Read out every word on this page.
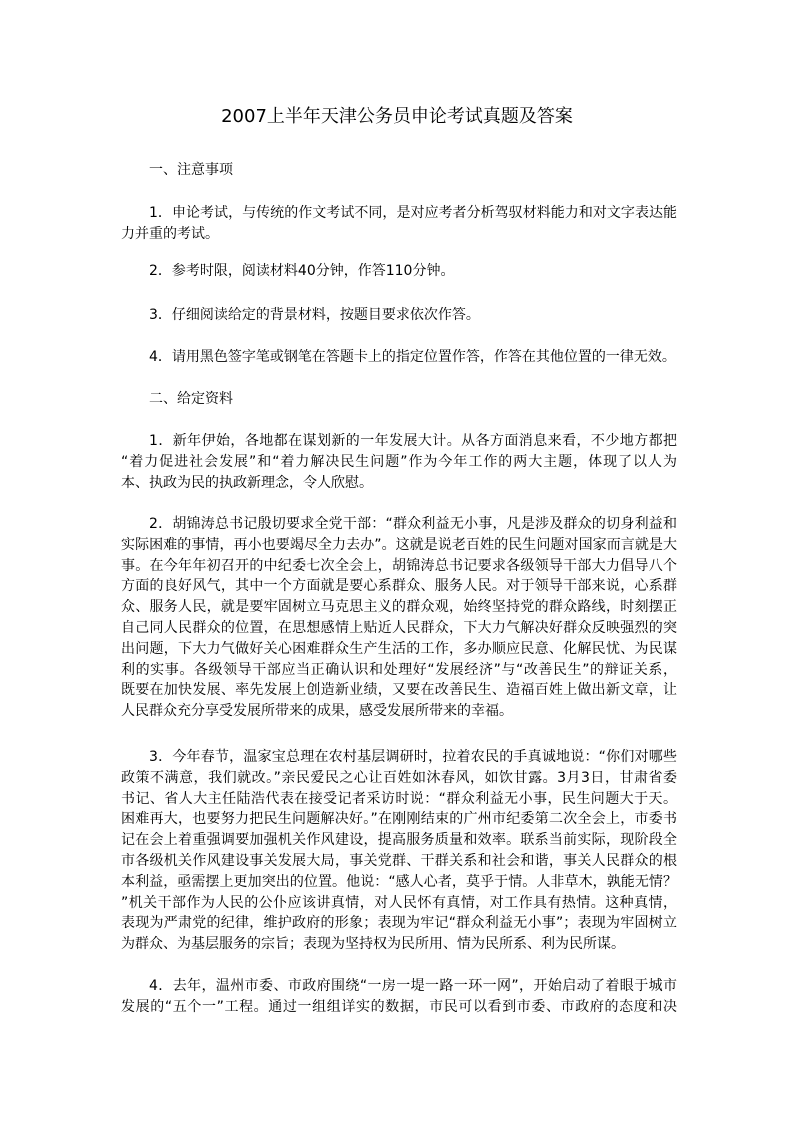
2007上半年天津公务员申论考试真题及答案
一、注意事项
1．申论考试，与传统的作文考试不同，是对应考者分析驾驭材料能力和对文字表达能
力并重的考试。
2．参考时限，阅读材料40分钟，作答110分钟。
3．仔细阅读给定的背景材料，按题目要求依次作答。
4．请用黑色签字笔或钢笔在答题卡上的指定位置作答，作答在其他位置的一律无效。
二、给定资料
1．新年伊始，各地都在谋划新的一年发展大计。从各方面消息来看，不少地方都把
“着力促进社会发展”和“着力解决民生问题”作为今年工作的两大主题，体现了以人为
本、执政为民的执政新理念，令人欣慰。
2．胡锦涛总书记殷切要求全党干部：“群众利益无小事，凡是涉及群众的切身利益和
实际困难的事情，再小也要竭尽全力去办”。这就是说老百姓的民生问题对国家而言就是大
事。在今年年初召开的中纪委七次全会上，胡锦涛总书记要求各级领导干部大力倡导八个
方面的良好风气，其中一个方面就是要心系群众、服务人民。对于领导干部来说，心系群
众、服务人民，就是要牢固树立马克思主义的群众观，始终坚持党的群众路线，时刻摆正
自己同人民群众的位置，在思想感情上贴近人民群众，下大力气解决好群众反映强烈的突
出问题，下大力气做好关心困难群众生产生活的工作，多办顺应民意、化解民忧、为民谋
利的实事。各级领导干部应当正确认识和处理好“发展经济”与“改善民生”的辩证关系，
既要在加快发展、率先发展上创造新业绩，又要在改善民生、造福百姓上做出新文章，让
人民群众充分享受发展所带来的成果，感受发展所带来的幸福。
3．今年春节，温家宝总理在农村基层调研时，拉着农民的手真诚地说：“你们对哪些
政策不满意，我们就改。”亲民爱民之心让百姓如沐春风，如饮甘露。3月3日，甘肃省委
书记、省人大主任陆浩代表在接受记者采访时说：“群众利益无小事，民生问题大于天。
困难再大，也要努力把民生问题解决好。”在刚刚结束的广州市纪委第二次全会上，市委书
记在会上着重强调要加强机关作风建设，提高服务质量和效率。联系当前实际，现阶段全
市各级机关作风建设事关发展大局，事关党群、干群关系和社会和谐，事关人民群众的根
本利益，亟需摆上更加突出的位置。他说：“感人心者，莫乎于情。人非草木，孰能无情？
”机关干部作为人民的公仆应该讲真情，对人民怀有真情，对工作具有热情。这种真情，
表现为严肃党的纪律，维护政府的形象；表现为牢记“群众利益无小事”；表现为牢固树立
为群众、为基层服务的宗旨；表现为坚持权为民所用、情为民所系、利为民所谋。
4．去年，温州市委、市政府围绕“一房一堤一路一环一网”，开始启动了着眼于城市
发展的“五个一”工程。通过一组组详实的数据，市民可以看到市委、市政府的态度和决
